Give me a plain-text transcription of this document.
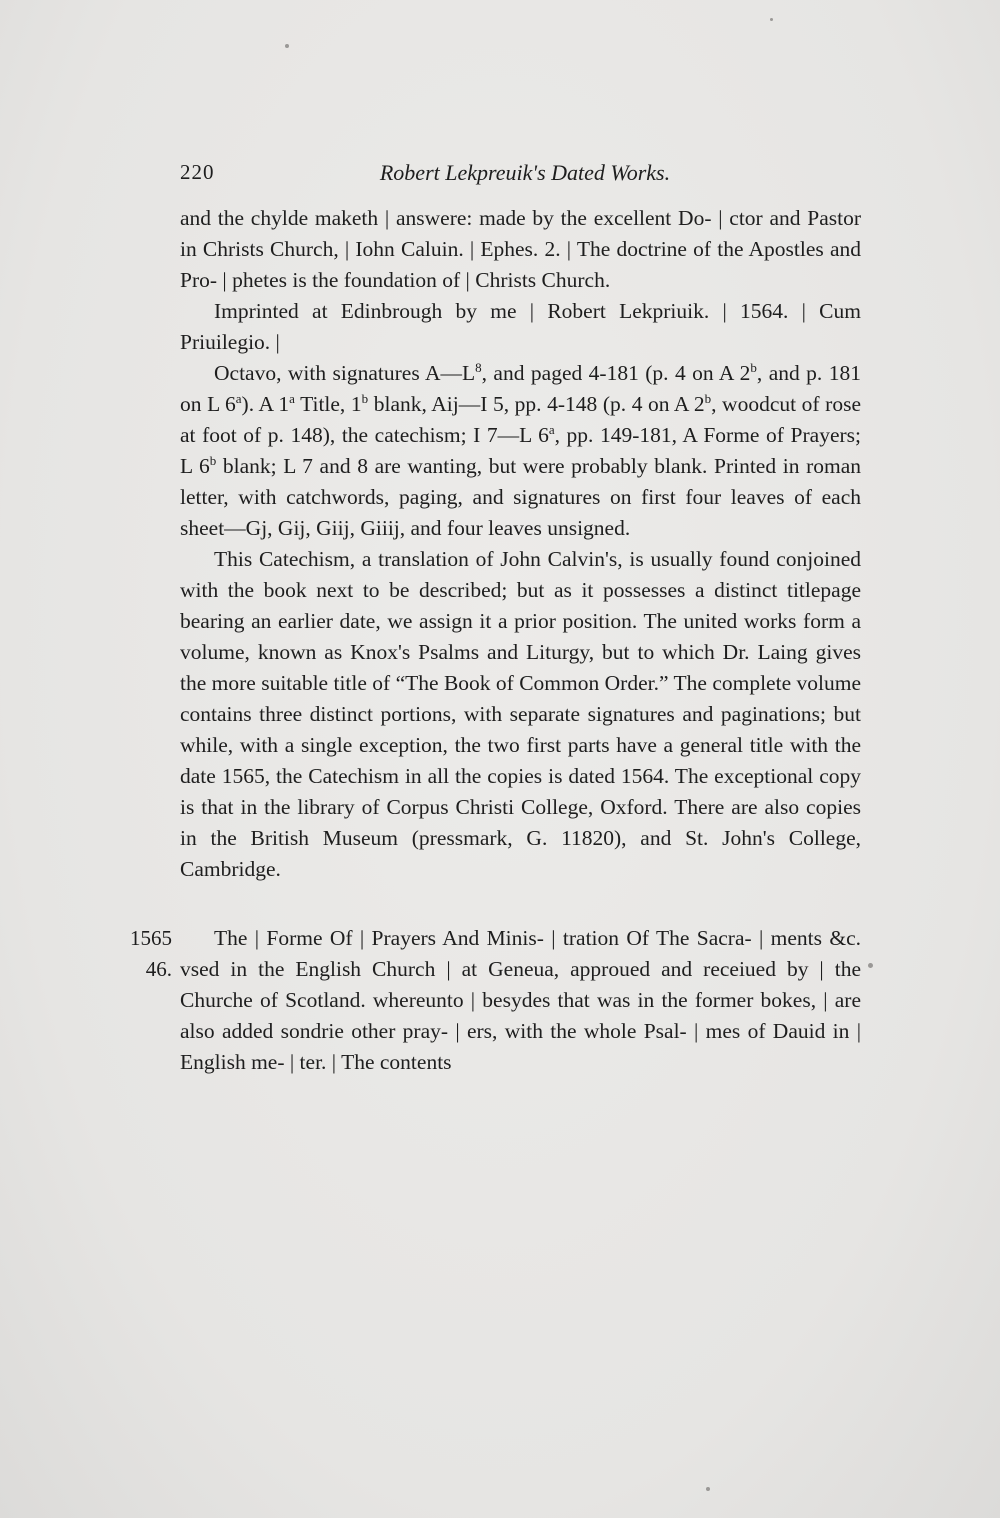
220	Robert Lekpreuik's Dated Works.

and the chylde maketh | answere: made by the excellent Do- | ctor and Pastor in Christs Church, | Iohn Caluin. | Ephes. 2. | The doctrine of the Apostles and Pro- | phetes is the foundation of | Christs Church.

Imprinted at Edinbrough by me | Robert Lekpriuik. | 1564. | Cum Priuilegio. |

Octavo, with signatures $A—L^8$, and paged 4-181 (p. 4 on A 2$^b$, and p. 181 on L 6$^a$). A 1$^a$ Title, 1$^b$ blank, Aij—I 5, pp. 4-148 (p. 4 on A 2$^b$, woodcut of rose at foot of p. 148), the catechism; I 7—L 6$^a$, pp. 149-181, A Forme of Prayers; L 6$^b$ blank; L 7 and 8 are wanting, but were probably blank. Printed in roman letter, with catchwords, paging, and signatures on first four leaves of each sheet—Gj, Gij, Giij, Giiij, and four leaves unsigned.

This Catechism, a translation of John Calvin's, is usually found conjoined with the book next to be described; but as it possesses a distinct titlepage bearing an earlier date, we assign it a prior position. The united works form a volume, known as Knox's Psalms and Liturgy, but to which Dr. Laing gives the more suitable title of “The Book of Common Order.” The complete volume contains three distinct portions, with separate signatures and paginations; but while, with a single exception, the two first parts have a general title with the date 1565, the Catechism in all the copies is dated 1564. The exceptional copy is that in the library of Corpus Christi College, Oxford. There are also copies in the British Museum (pressmark, G. 11820), and St. John's College, Cambridge.

1565
46.

The | Forme Of | Prayers And Minis- | tration Of The Sacra- | ments &c. vsed in the English Church | at Geneua, approued and receiued by | the Churche of Scotland. whereunto | besydes that was in the former bokes, | are also added sondrie other pray- | ers, with the whole Psal- | mes of Dauid in | English me- | ter. | The contents
